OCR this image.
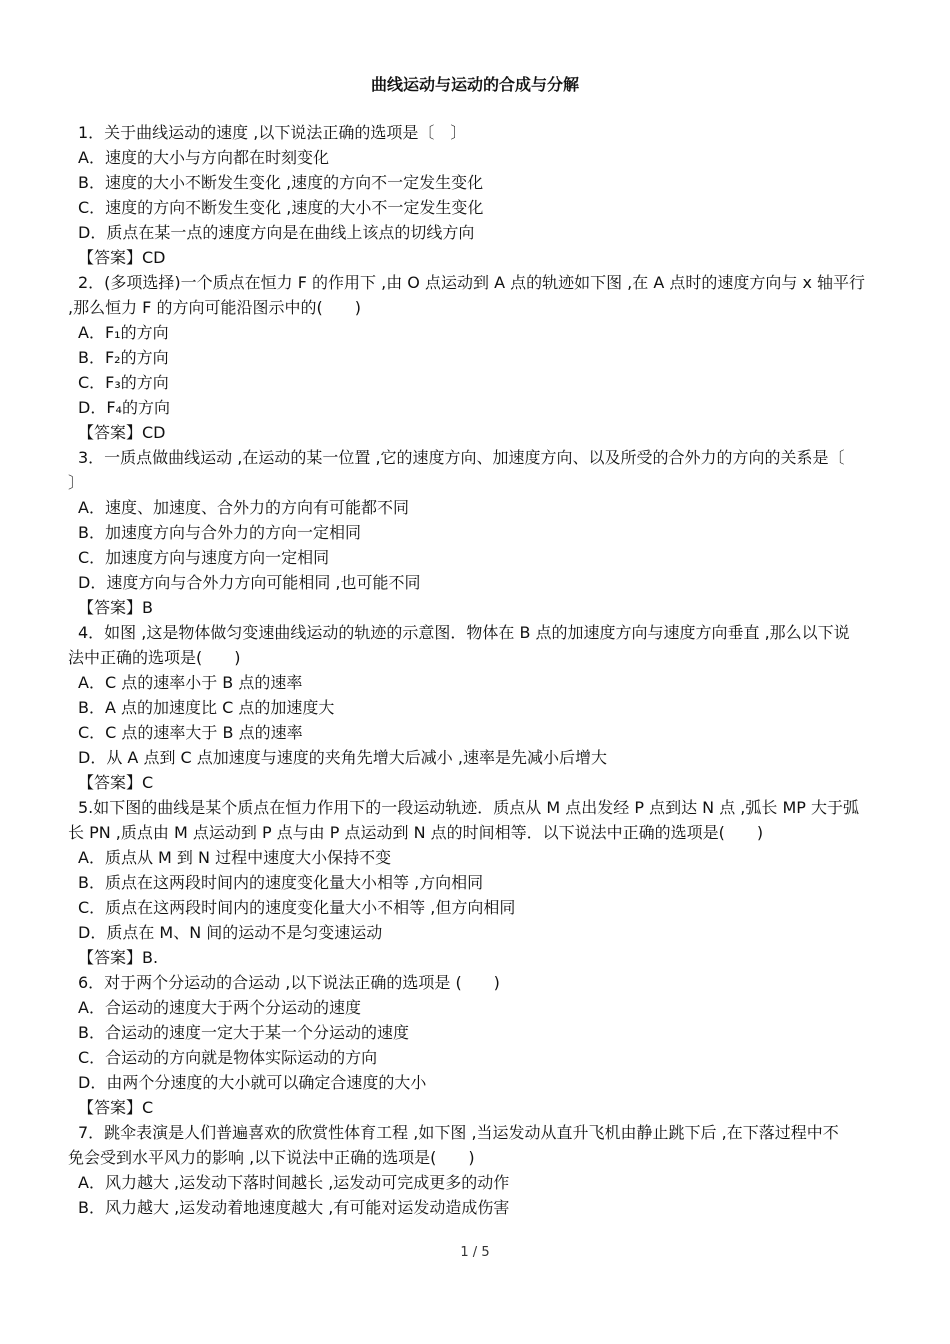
曲线运动与运动的合成与分解
1．关于曲线运动的速度 ,以下说法正确的选项是〔　〕
A．速度的大小与方向都在时刻变化
B．速度的大小不断发生变化 ,速度的方向不一定发生变化
C．速度的方向不断发生变化 ,速度的大小不一定发生变化
D．质点在某一点的速度方向是在曲线上该点的切线方向
【答案】CD
2．(多项选择)一个质点在恒力 F 的作用下 ,由 O 点运动到 A 点的轨迹如下图 ,在 A 点时的速度方向与 x 轴平行
,那么恒力 F 的方向可能沿图示中的(　　)
A．F₁的方向
B．F₂的方向
C．F₃的方向
D．F₄的方向
【答案】CD
3．一质点做曲线运动 ,在运动的某一位置 ,它的速度方向、加速度方向、以及所受的合外力的方向的关系是〔
〕
A．速度、加速度、合外力的方向有可能都不同
B．加速度方向与合外力的方向一定相同
C．加速度方向与速度方向一定相同
D．速度方向与合外力方向可能相同 ,也可能不同
【答案】B
4．如图 ,这是物体做匀变速曲线运动的轨迹的示意图．物体在 B 点的加速度方向与速度方向垂直 ,那么以下说
法中正确的选项是(　　)
A．C 点的速率小于 B 点的速率
B．A 点的加速度比 C 点的加速度大
C．C 点的速率大于 B 点的速率
D．从 A 点到 C 点加速度与速度的夹角先增大后减小 ,速率是先减小后增大
【答案】C
5.如下图的曲线是某个质点在恒力作用下的一段运动轨迹．质点从 M 点出发经 P 点到达 N 点 ,弧长 MP 大于弧
长 PN ,质点由 M 点运动到 P 点与由 P 点运动到 N 点的时间相等．以下说法中正确的选项是(　　)
A．质点从 M 到 N 过程中速度大小保持不变
B．质点在这两段时间内的速度变化量大小相等 ,方向相同
C．质点在这两段时间内的速度变化量大小不相等 ,但方向相同
D．质点在 M、N 间的运动不是匀变速运动
【答案】B.
6．对于两个分运动的合运动 ,以下说法正确的选项是 (　　)
A．合运动的速度大于两个分运动的速度
B．合运动的速度一定大于某一个分运动的速度
C．合运动的方向就是物体实际运动的方向
D．由两个分速度的大小就可以确定合速度的大小
【答案】C
7．跳伞表演是人们普遍喜欢的欣赏性体育工程 ,如下图 ,当运发动从直升飞机由静止跳下后 ,在下落过程中不
免会受到水平风力的影响 ,以下说法中正确的选项是(　　)
A．风力越大 ,运发动下落时间越长 ,运发动可完成更多的动作
B．风力越大 ,运发动着地速度越大 ,有可能对运发动造成伤害
1 / 5
